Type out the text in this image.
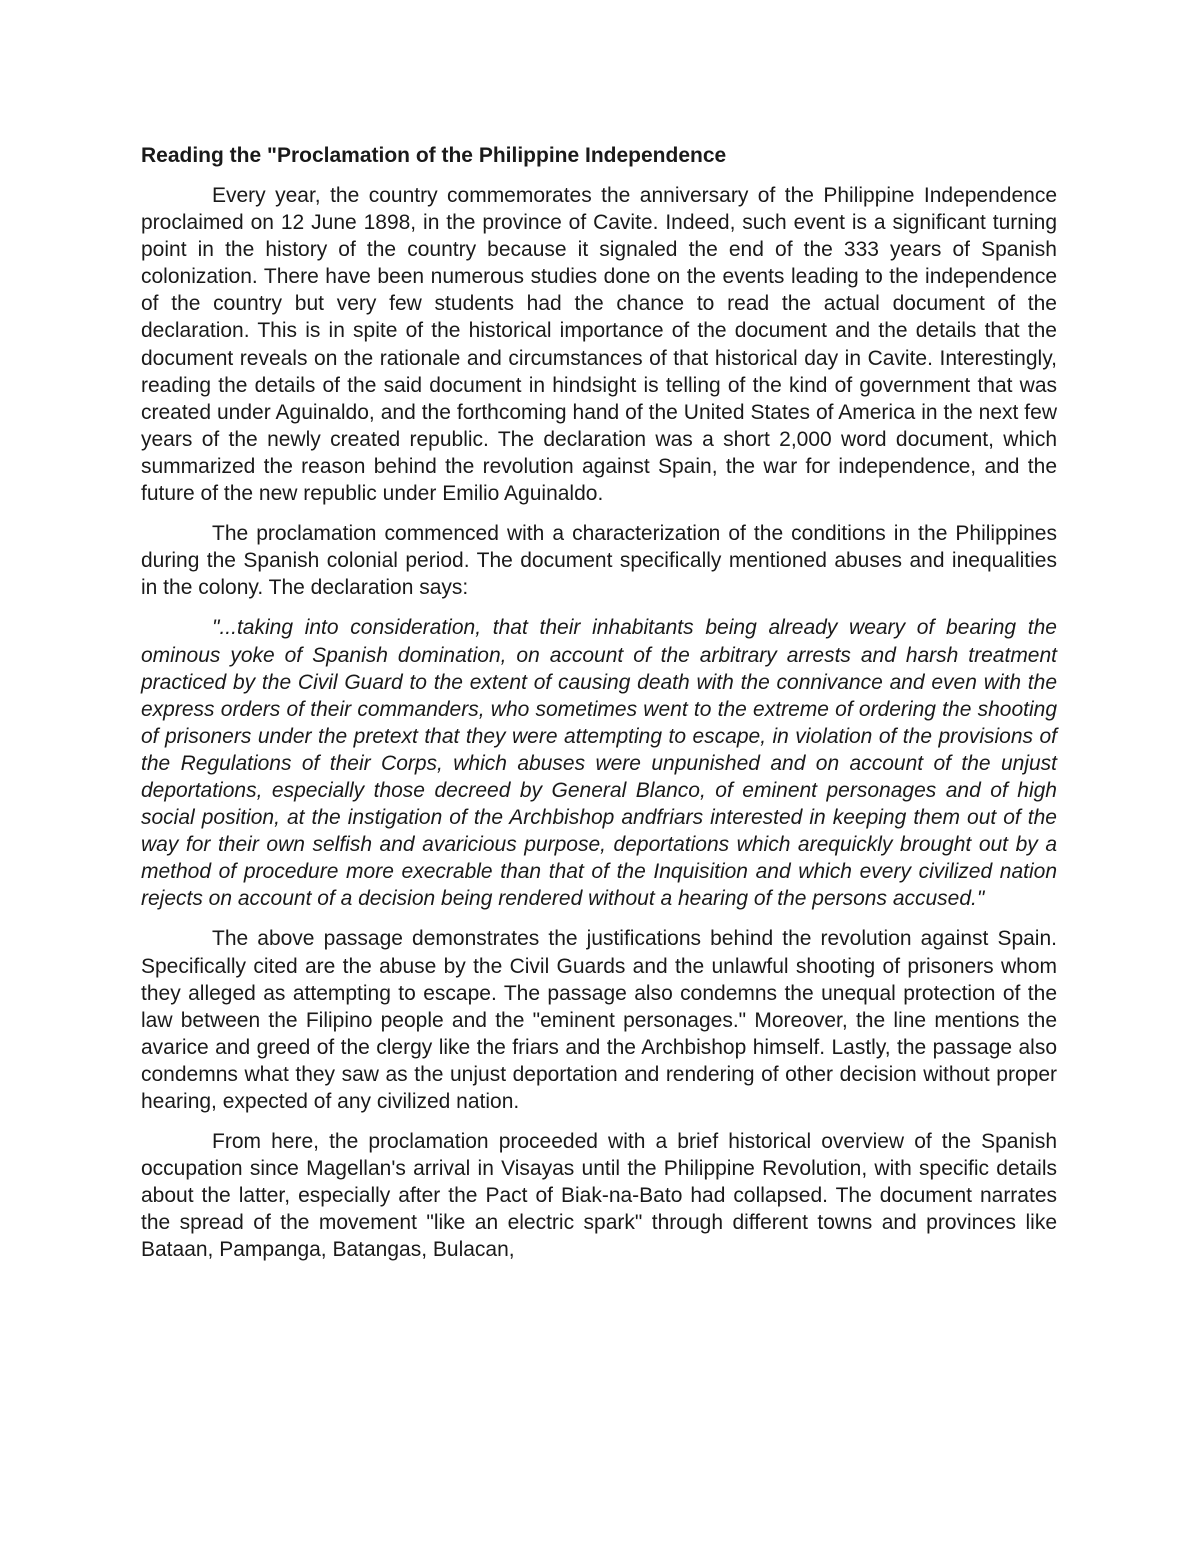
Reading the "Proclamation of the Philippine Independence

Every year, the country commemorates the anniversary of the Philippine Independence proclaimed on 12 June 1898, in the province of Cavite. Indeed, such event is a significant turning point in the history of the country because it signaled the end of the 333 years of Spanish colonization. There have been numerous studies done on the events leading to the independence of the country but very few students had the chance to read the actual document of the declaration. This is in spite of the historical importance of the document and the details that the document reveals on the rationale and circumstances of that historical day in Cavite. Interestingly, reading the details of the said document in hindsight is telling of the kind of government that was created under Aguinaldo, and the forthcoming hand of the United States of America in the next few years of the newly created republic. The declaration was a short 2,000 word document, which summarized the reason behind the revolution against Spain, the war for independence, and the future of the new republic under Emilio Aguinaldo.

The proclamation commenced with a characterization of the conditions in the Philippines during the Spanish colonial period. The document specifically mentioned abuses and inequalities in the colony. The declaration says:

"...taking into consideration, that their inhabitants being already weary of bearing the ominous yoke of Spanish domination, on account of the arbitrary arrests and harsh treatment practiced by the Civil Guard to the extent of causing death with the connivance and even with the express orders of their commanders, who sometimes went to the extreme of ordering the shooting of prisoners under the pretext that they were attempting to escape, in violation of the provisions of the Regulations of their Corps, which abuses were unpunished and on account of the unjust deportations, especially those decreed by General Blanco, of eminent personages and of high social position, at the instigation of the Archbishop andfriars interested in keeping them out of the way for their own selfish and avaricious purpose, deportations which arequickly brought out by a method of procedure more execrable than that of the Inquisition and which every civilized nation rejects on account of a decision being rendered without a hearing of the persons accused."

The above passage demonstrates the justifications behind the revolution against Spain. Specifically cited are the abuse by the Civil Guards and the unlawful shooting of prisoners whom they alleged as attempting to escape. The passage also condemns the unequal protection of the law between the Filipino people and the "eminent personages." Moreover, the line mentions the avarice and greed of the clergy like the friars and the Archbishop himself. Lastly, the passage also condemns what they saw as the unjust deportation and rendering of other decision without proper hearing, expected of any civilized nation.

From here, the proclamation proceeded with a brief historical overview of the Spanish occupation since Magellan's arrival in Visayas until the Philippine Revolution, with specific details about the latter, especially after the Pact of Biak-na-Bato had collapsed. The document narrates the spread of the movement "like an electric spark" through different towns and provinces like Bataan, Pampanga, Batangas, Bulacan,
